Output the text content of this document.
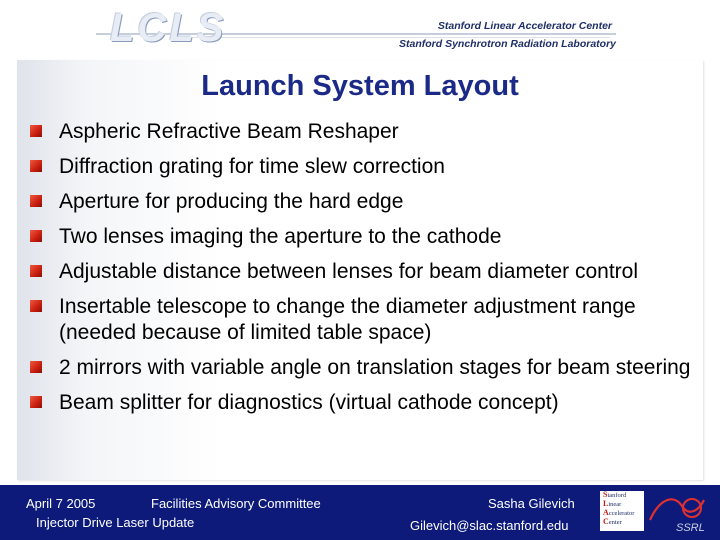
LCLS	Stanford Linear Accelerator Center
Stanford Synchrotron Radiation Laboratory
Launch System Layout
Aspheric Refractive Beam Reshaper
Diffraction grating for time slew correction
Aperture for producing the hard edge
Two lenses imaging the aperture to the cathode
Adjustable distance between lenses for beam diameter control
Insertable telescope to change the diameter adjustment range (needed because of limited table space)
2 mirrors with variable angle on translation stages for beam steering
Beam splitter for diagnostics (virtual cathode concept)
April 7 2005	Facilities Advisory Committee
Injector Drive Laser Update
Sasha Gilevich
Gilevich@slac.stanford.edu
Stanford
Linear
Accelerator
Center	SSRL
